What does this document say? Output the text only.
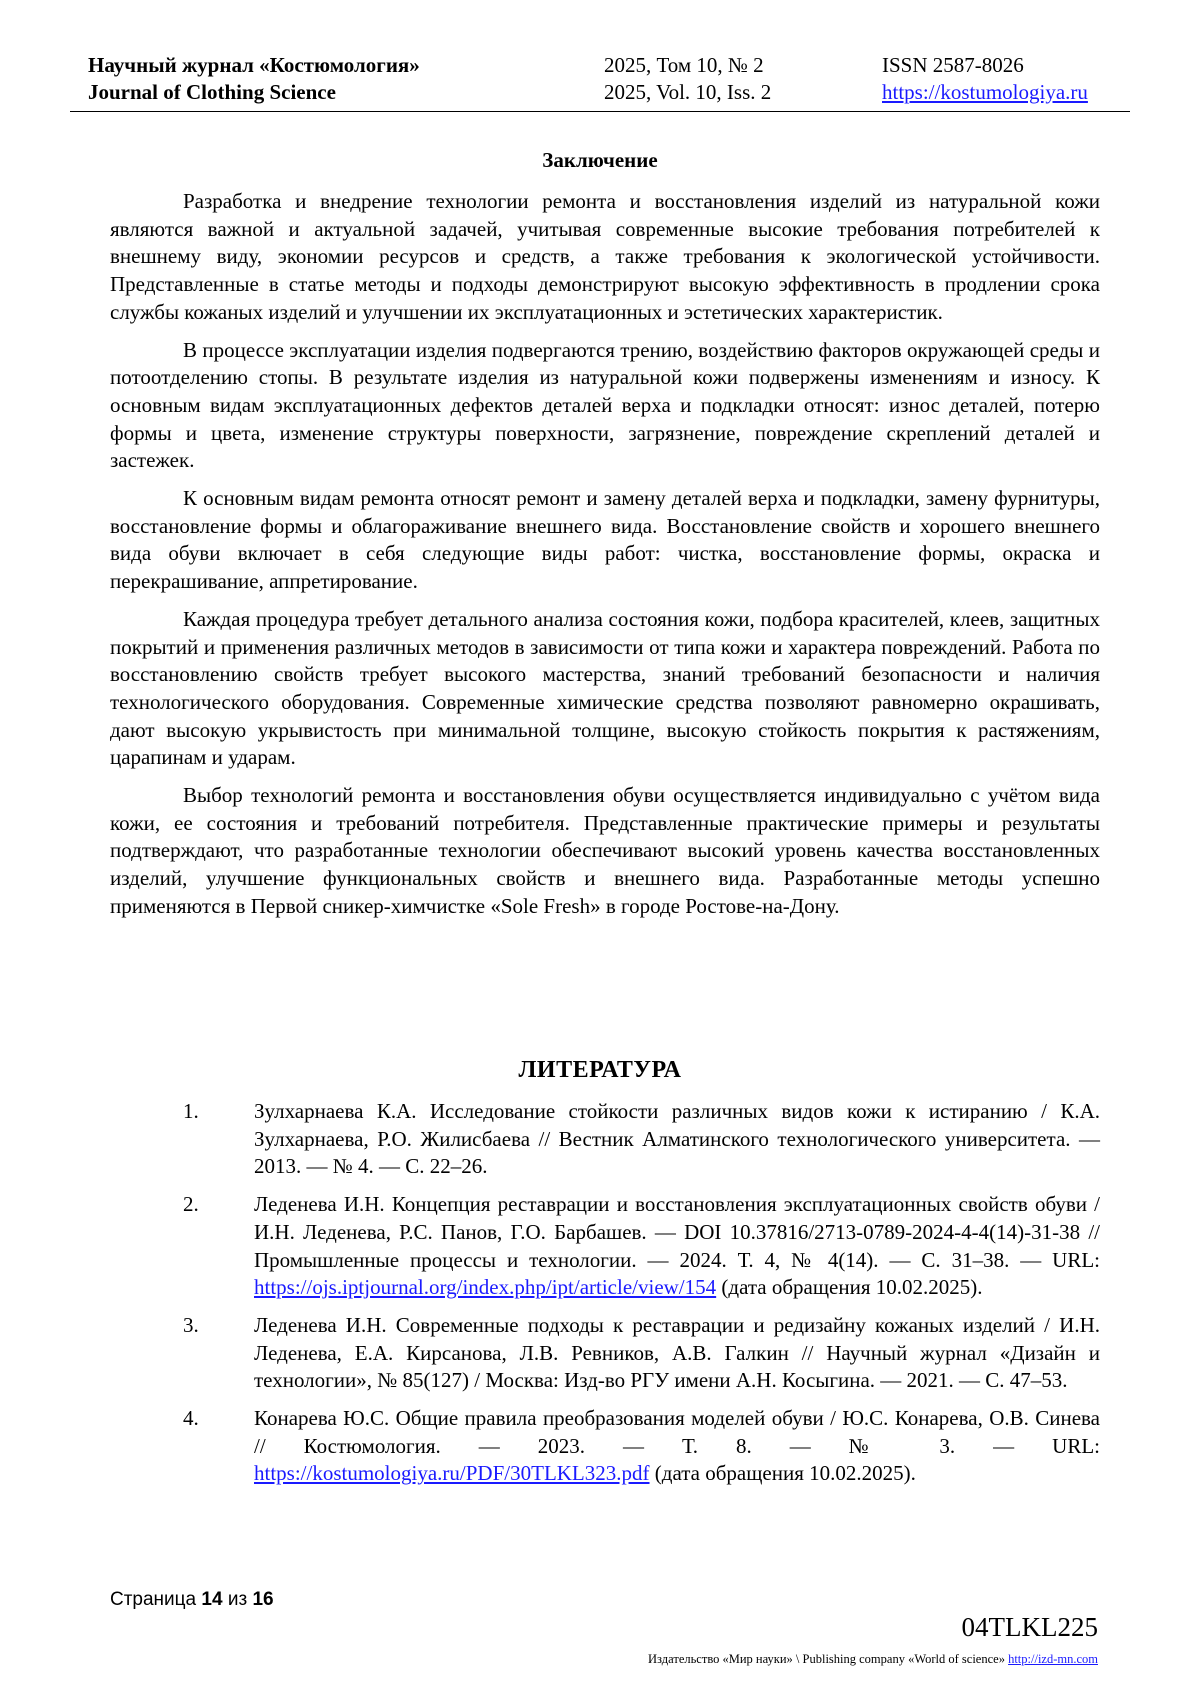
Научный журнал «Костюмология»
Journal of Clothing Science
2025, Том 10, № 2
2025, Vol. 10, Iss. 2
ISSN 2587-8026
https://kostumologiya.ru
Заключение

Разработка и внедрение технологии ремонта и восстановления изделий из натуральной кожи являются важной и актуальной задачей, учитывая современные высокие требования потребителей к внешнему виду, экономии ресурсов и средств, а также требования к экологической устойчивости. Представленные в статье методы и подходы демонстрируют высокую эффективность в продлении срока службы кожаных изделий и улучшении их эксплуатационных и эстетических характеристик.

В процессе эксплуатации изделия подвергаются трению, воздействию факторов окружающей среды и потоотделению стопы. В результате изделия из натуральной кожи подвержены изменениям и износу. К основным видам эксплуатационных дефектов деталей верха и подкладки относят: износ деталей, потерю формы и цвета, изменение структуры поверхности, загрязнение, повреждение скреплений деталей и застежек.

К основным видам ремонта относят ремонт и замену деталей верха и подкладки, замену фурнитуры, восстановление формы и облагораживание внешнего вида. Восстановление свойств и хорошего внешнего вида обуви включает в себя следующие виды работ: чистка, восстановление формы, окраска и перекрашивание, аппретирование.

Каждая процедура требует детального анализа состояния кожи, подбора красителей, клеев, защитных покрытий и применения различных методов в зависимости от типа кожи и характера повреждений. Работа по восстановлению свойств требует высокого мастерства, знаний требований безопасности и наличия технологического оборудования. Современные химические средства позволяют равномерно окрашивать, дают высокую укрывистость при минимальной толщине, высокую стойкость покрытия к растяжениям, царапинам и ударам.

Выбор технологий ремонта и восстановления обуви осуществляется индивидуально с учётом вида кожи, ее состояния и требований потребителя. Представленные практические примеры и результаты подтверждают, что разработанные технологии обеспечивают высокий уровень качества восстановленных изделий, улучшение функциональных свойств и внешнего вида. Разработанные методы успешно применяются в Первой сникер-химчистке «Sole Fresh» в городе Ростове-на-Дону.

ЛИТЕРАТУРА
1.	Зулхарнаева К.А. Исследование стойкости различных видов кожи к истиранию / К.А. Зулхарнаева, Р.О. Жилисбаева // Вестник Алматинского технологического университета. — 2013. — № 4. — С. 22–26.
2.	Леденева И.Н. Концепция реставрации и восстановления эксплуатационных свойств обуви / И.Н. Леденева, Р.С. Панов, Г.О. Барбашев. — DOI 10.37816/2713-0789-2024-4-4(14)-31-38 // Промышленные процессы и технологии. — 2024. Т. 4, № 4(14). — С. 31–38. — URL: https://ojs.iptjournal.org/index.php/ipt/article/view/154 (дата обращения 10.02.2025).
3.	Леденева И.Н. Современные подходы к реставрации и редизайну кожаных изделий / И.Н. Леденева, Е.А. Кирсанова, Л.В. Ревников, А.В. Галкин // Научный журнал «Дизайн и технологии», № 85(127) / Москва: Изд-во РГУ имени А.Н. Косыгина. — 2021. — С. 47–53.
4.	Конарева Ю.С. Общие правила преобразования моделей обуви / Ю.С. Конарева, О.В. Синева // Костюмология. — 2023. — Т. 8. — № 3. — URL: https://kostumologiya.ru/PDF/30TLKL323.pdf (дата обращения 10.02.2025).
Страница 14 из 16
04TLKL225
Издательство «Мир науки» \ Publishing company «World of science» http://izd-mn.com
